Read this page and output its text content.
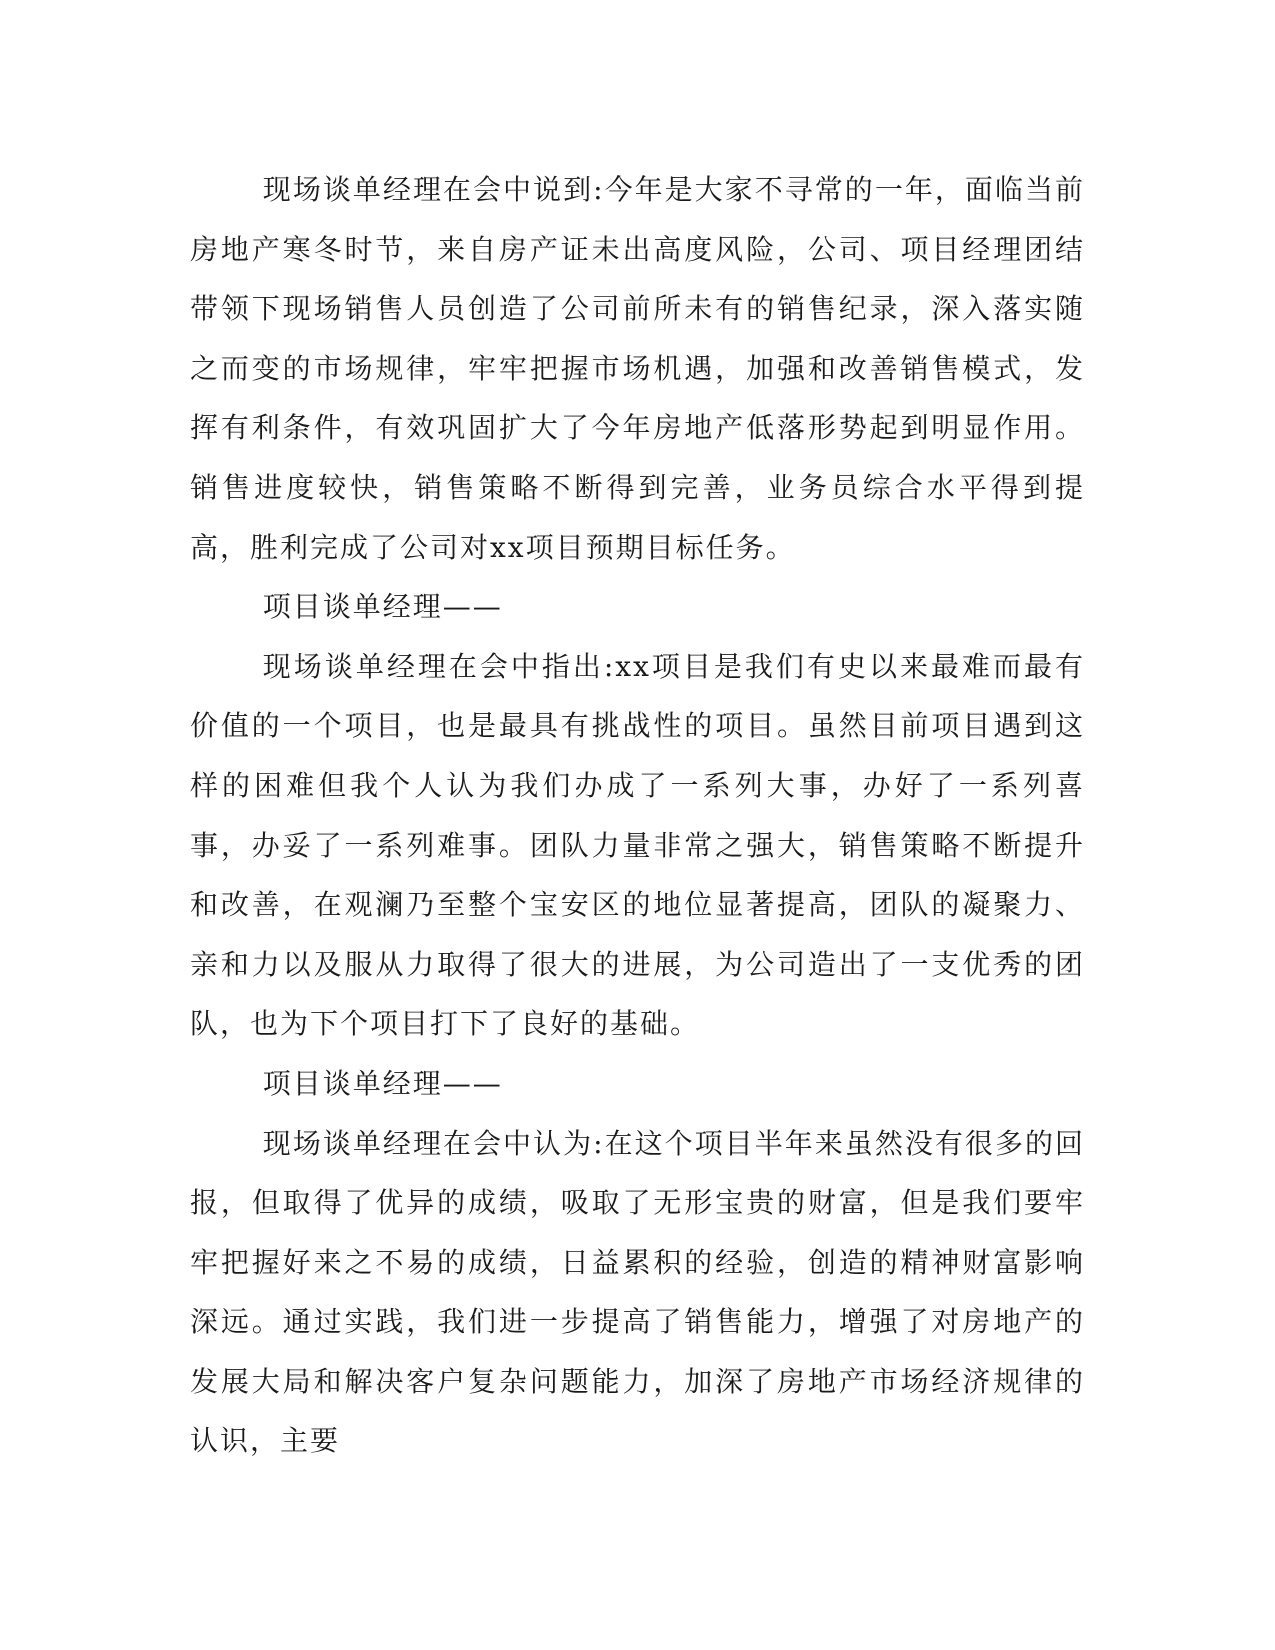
现场谈单经理在会中说到:今年是大家不寻常的一年，面临当前房地产寒冬时节，来自房产证未出高度风险，公司、项目经理团结带领下现场销售人员创造了公司前所未有的销售纪录，深入落实随之而变的市场规律，牢牢把握市场机遇，加强和改善销售模式，发挥有利条件，有效巩固扩大了今年房地产低落形势起到明显作用。销售进度较快，销售策略不断得到完善，业务员综合水平得到提高，胜利完成了公司对xx项目预期目标任务。

项目谈单经理——

现场谈单经理在会中指出:xx项目是我们有史以来最难而最有价值的一个项目，也是最具有挑战性的项目。虽然目前项目遇到这样的困难但我个人认为我们办成了一系列大事，办好了一系列喜事，办妥了一系列难事。团队力量非常之强大，销售策略不断提升和改善，在观澜乃至整个宝安区的地位显著提高，团队的凝聚力、亲和力以及服从力取得了很大的进展，为公司造出了一支优秀的团队，也为下个项目打下了良好的基础。

项目谈单经理——

现场谈单经理在会中认为:在这个项目半年来虽然没有很多的回报，但取得了优异的成绩，吸取了无形宝贵的财富，但是我们要牢牢把握好来之不易的成绩，日益累积的经验，创造的精神财富影响深远。通过实践，我们进一步提高了销售能力，增强了对房地产的发展大局和解决客户复杂问题能力，加深了房地产市场经济规律的认识，主要
